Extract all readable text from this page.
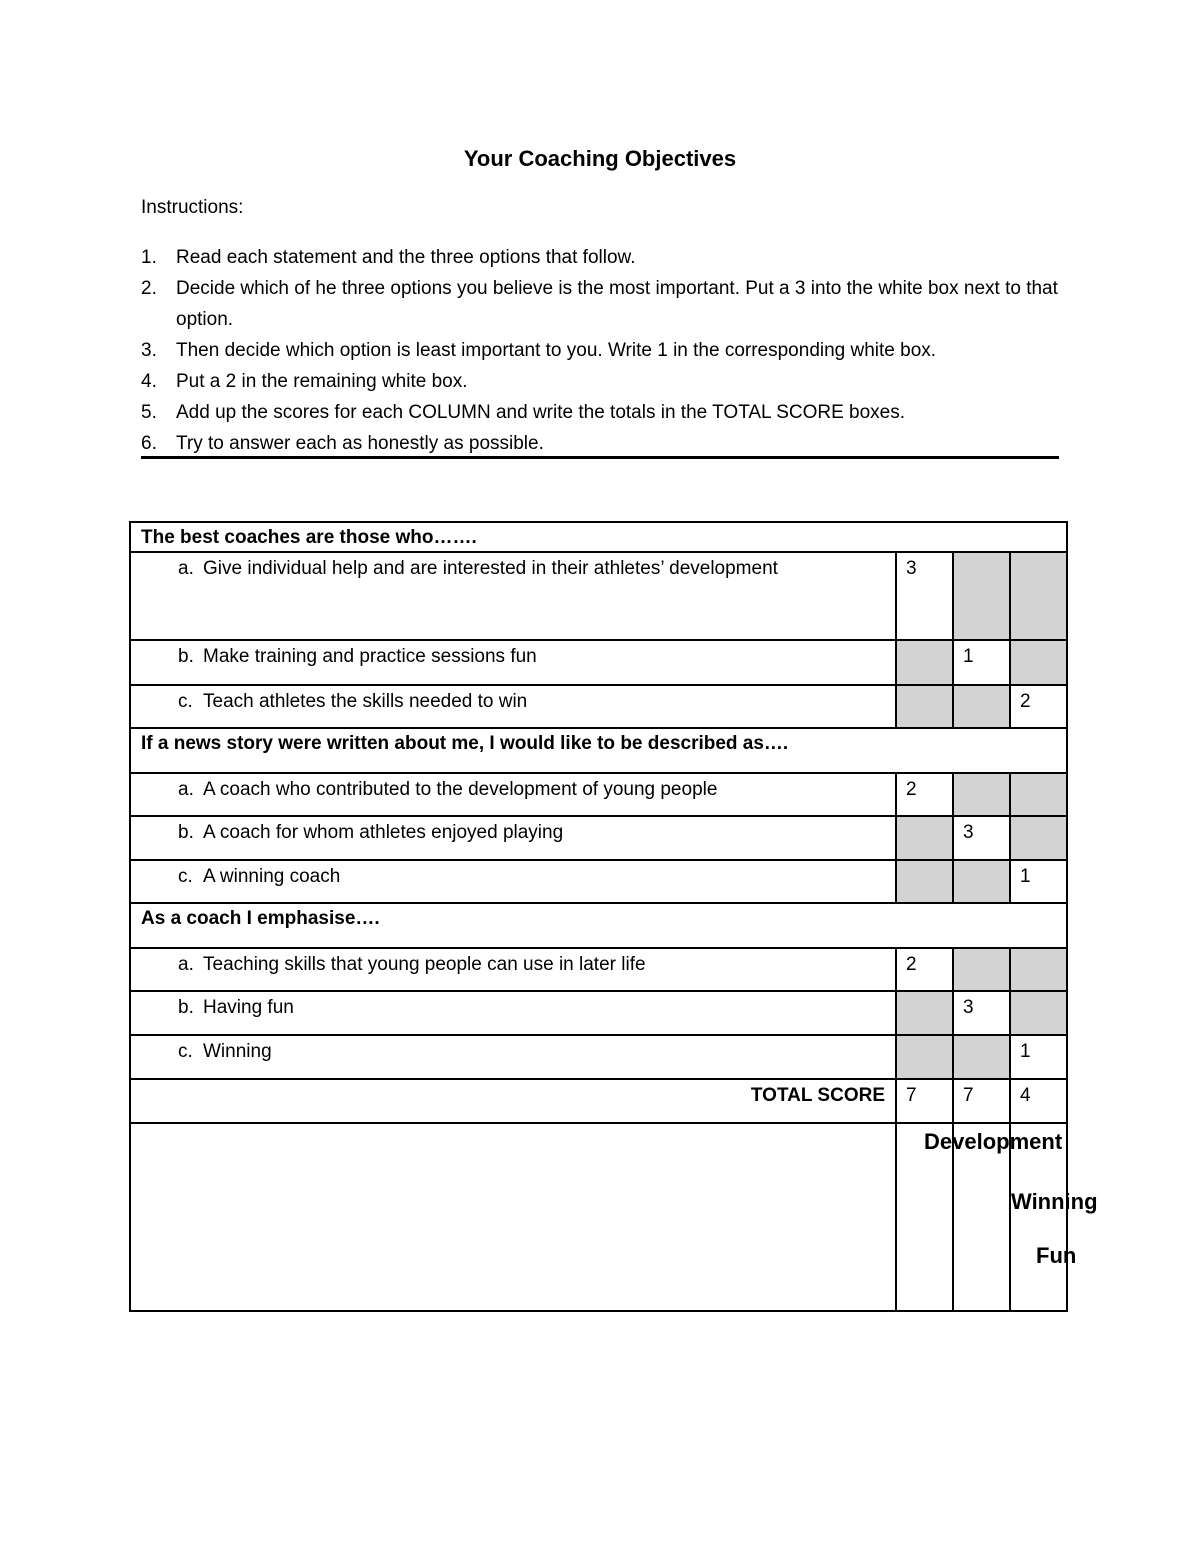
Your Coaching Objectives
Instructions:
1. Read each statement and the three options that follow.
2. Decide which of he three options you believe is the most important. Put a 3 into the white box next to that option.
3. Then decide which option is least important to you. Write 1 in the corresponding white box.
4. Put a 2 in the remaining white box.
5. Add up the scores for each COLUMN and write the totals in the TOTAL SCORE boxes.
6. Try to answer each as honestly as possible.
The best coaches are those who…….			

a. Give individual help and are interested in their athletes’ development	3		

b. Make training and practice sessions fun		1	

c. Teach athletes the skills needed to win			2
If a news story were written about me, I would like to be described as….			

a. A coach who contributed to the development of young people	2		

b. A coach for whom athletes enjoyed playing		3	

c. A winning coach			1
As a coach I emphasise….			

a. Teaching skills that young people can use in later life	2		

b. Having fun		3	

c. Winning			1
TOTAL SCORE	7	7	4

	Development	Winning	Fun
